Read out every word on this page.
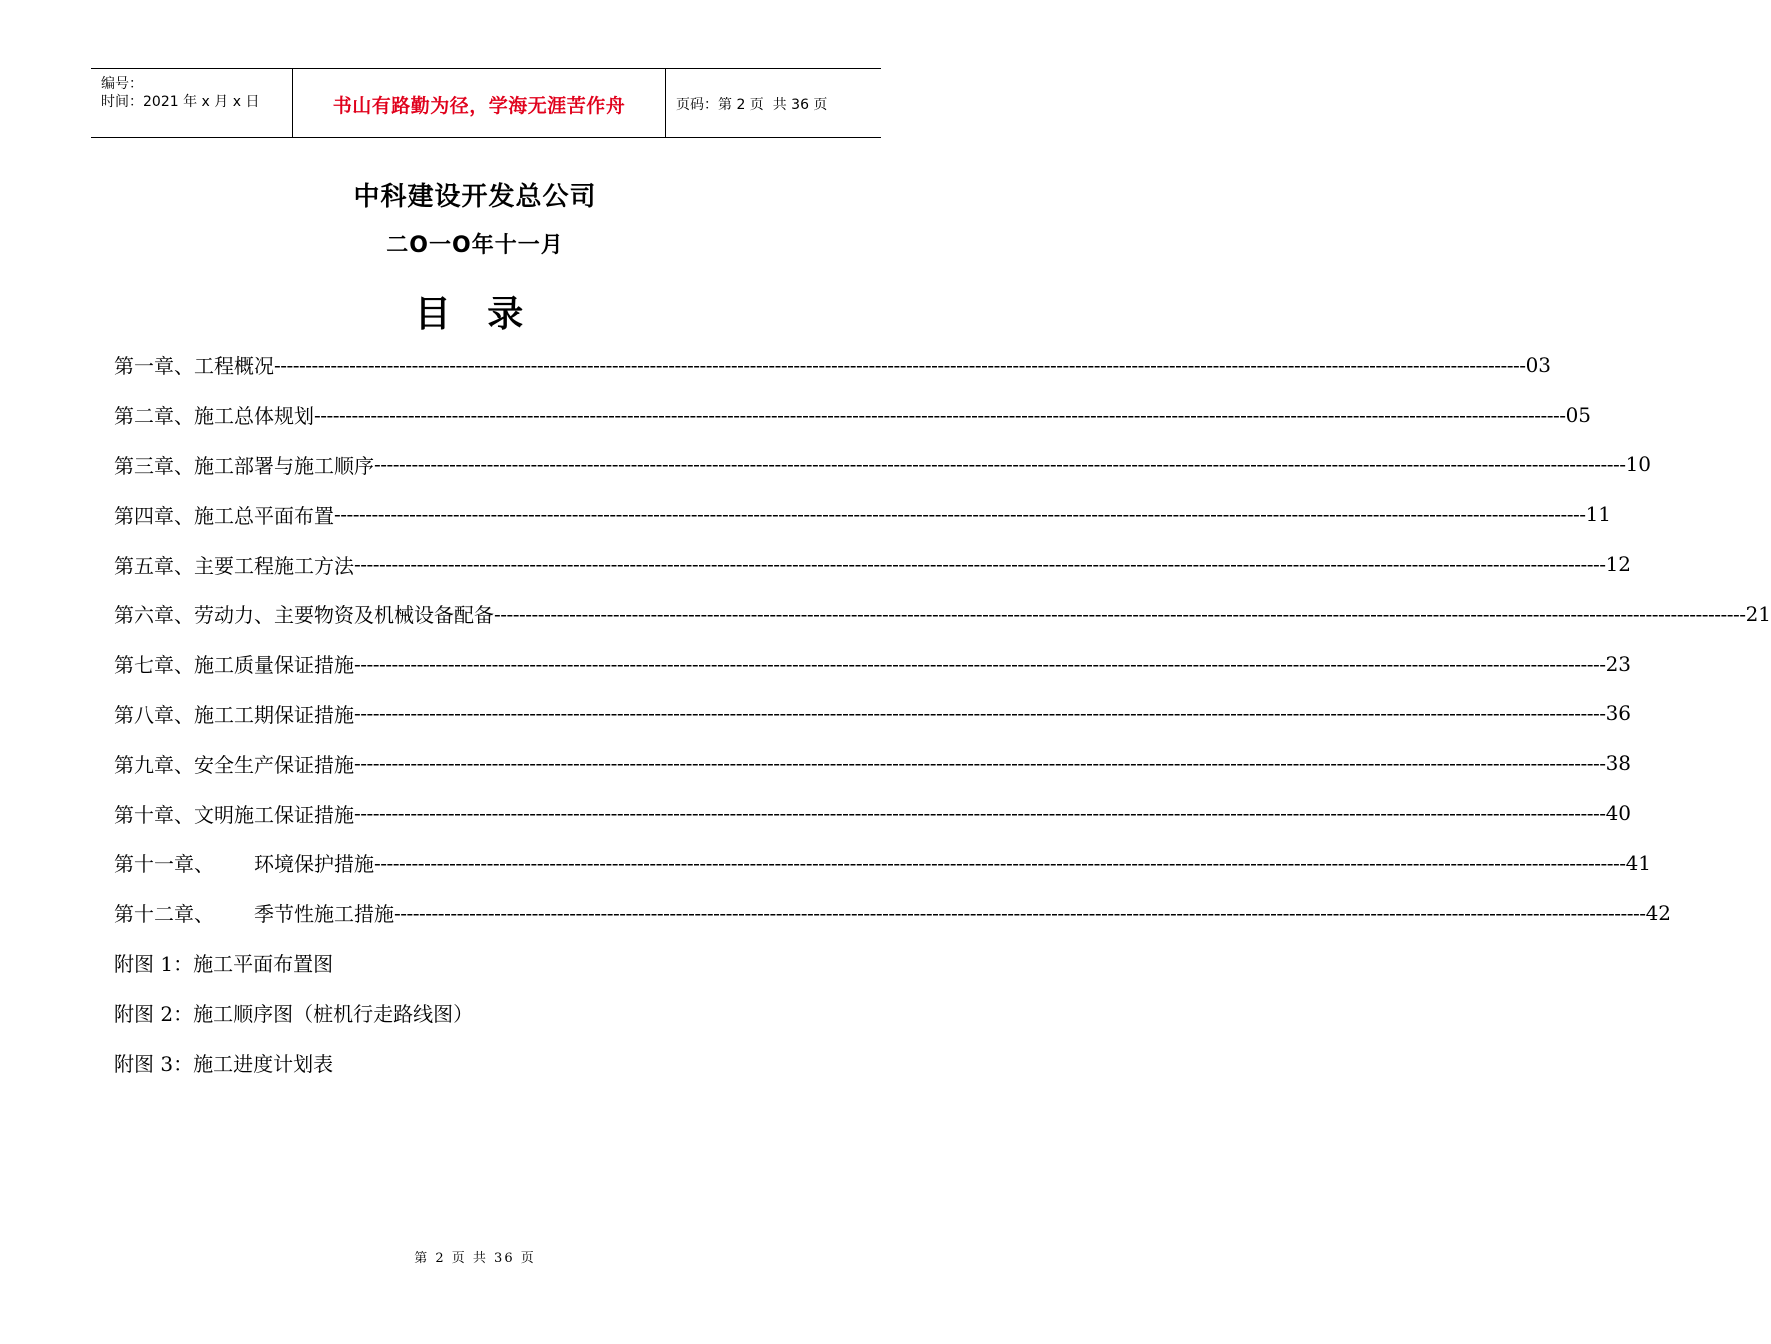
编号：
时间：2021 年 x 月 x 日	书山有路勤为径，学海无涯苦作舟	页码：第 2 页  共 36 页
中科建设开发总公司
二O一O年十一月
目 录
第一章、工程概况 -------------------------------------------------------------------------------------------------------------------------------------------------------------------------------------------------------- 03
第二章、施工总体规划 -------------------------------------------------------------------------------------------------------------------------------------------------------------------------------------------------------- 05
第三章、施工部署与施工顺序 -------------------------------------------------------------------------------------------------------------------------------------------------------------------------------------------------------- 10
第四章、施工总平面布置 -------------------------------------------------------------------------------------------------------------------------------------------------------------------------------------------------------- 11
第五章、主要工程施工方法 -------------------------------------------------------------------------------------------------------------------------------------------------------------------------------------------------------- 12
第六章、劳动力、主要物资及机械设备配备 -------------------------------------------------------------------------------------------------------------------------------------------------------------------------------------------------------- 21
第七章、施工质量保证措施 -------------------------------------------------------------------------------------------------------------------------------------------------------------------------------------------------------- 23
第八章、施工工期保证措施 -------------------------------------------------------------------------------------------------------------------------------------------------------------------------------------------------------- 36
第九章、安全生产保证措施 -------------------------------------------------------------------------------------------------------------------------------------------------------------------------------------------------------- 38
第十章、文明施工保证措施 -------------------------------------------------------------------------------------------------------------------------------------------------------------------------------------------------------- 40
第十一章、 环境保护措施 -------------------------------------------------------------------------------------------------------------------------------------------------------------------------------------------------------- 41
第十二章、 季节性施工措施 -------------------------------------------------------------------------------------------------------------------------------------------------------------------------------------------------------- 42
附图 1：施工平面布置图
附图 2：施工顺序图（桩机行走路线图）
附图 3：施工进度计划表
第 2 页 共 36 页
